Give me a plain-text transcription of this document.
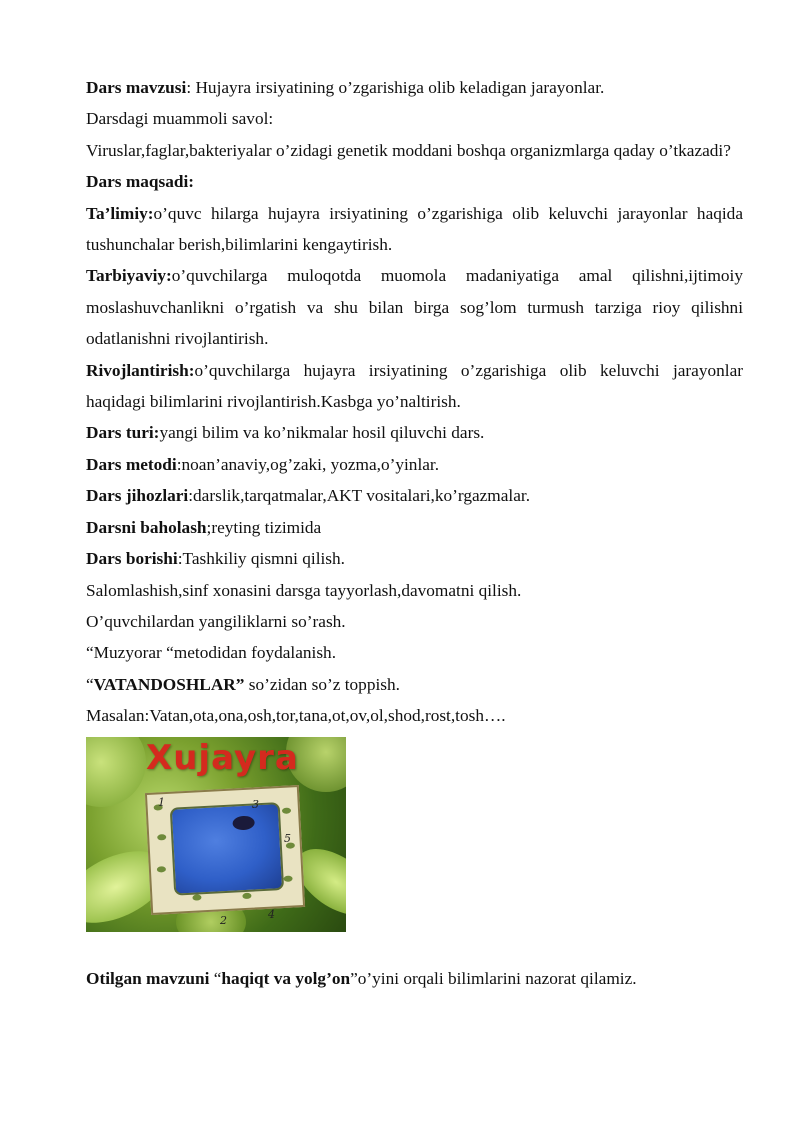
Dars mavzusi: Hujayra irsiyatining o’zgarishiga olib keladigan jarayonlar.

Darsdagi muammoli savol:

Viruslar,faglar,bakteriyalar o’zidagi genetik moddani boshqa organizmlarga qaday o’tkazadi?

Dars maqsadi:

Ta’limiy:o’quvc hilarga hujayra irsiyatining o’zgarishiga olib keluvchi jarayonlar haqida tushunchalar berish,bilimlarini kengaytirish.

Tarbiyaviy:o’quvchilarga muloqotda muomola madaniyatiga amal qilishni,ijtimoiy moslashuvchanlikni o’rgatish va shu bilan birga sog’lom turmush tarziga rioy qilishni odatlanishni rivojlantirish.

Rivojlantirish:o’quvchilarga hujayra irsiyatining o’zgarishiga olib keluvchi jarayonlar haqidagi bilimlarini rivojlantirish.Kasbga yo’naltirish.

Dars turi:yangi bilim va ko’nikmalar hosil qiluvchi dars.

Dars metodi:noan’anaviy,og’zaki, yozma,o’yinlar.

Dars jihozlari:darslik,tarqatmalar,AKT vositalari,ko’rgazmalar.

Darsni baholash;reyting tizimida

Dars borishi:Tashkiliy qismni qilish.

Salomlashish,sinf xonasini darsga tayyorlash,davomatni qilish.

O’quvchilardan yangiliklarni so’rash.

“Muzyorar “metodidan foydalanish.

“VATANDOSHLAR” so’zidan so’z toppish.

Masalan:Vatan,ota,ona,osh,tor,tana,ot,ov,ol,shod,rost,tosh….

Xujayra
1	3
5
2	4

Otilgan mavzuni “haqiqt va yolg’on”o’yini orqali bilimlarini nazorat qilamiz.
